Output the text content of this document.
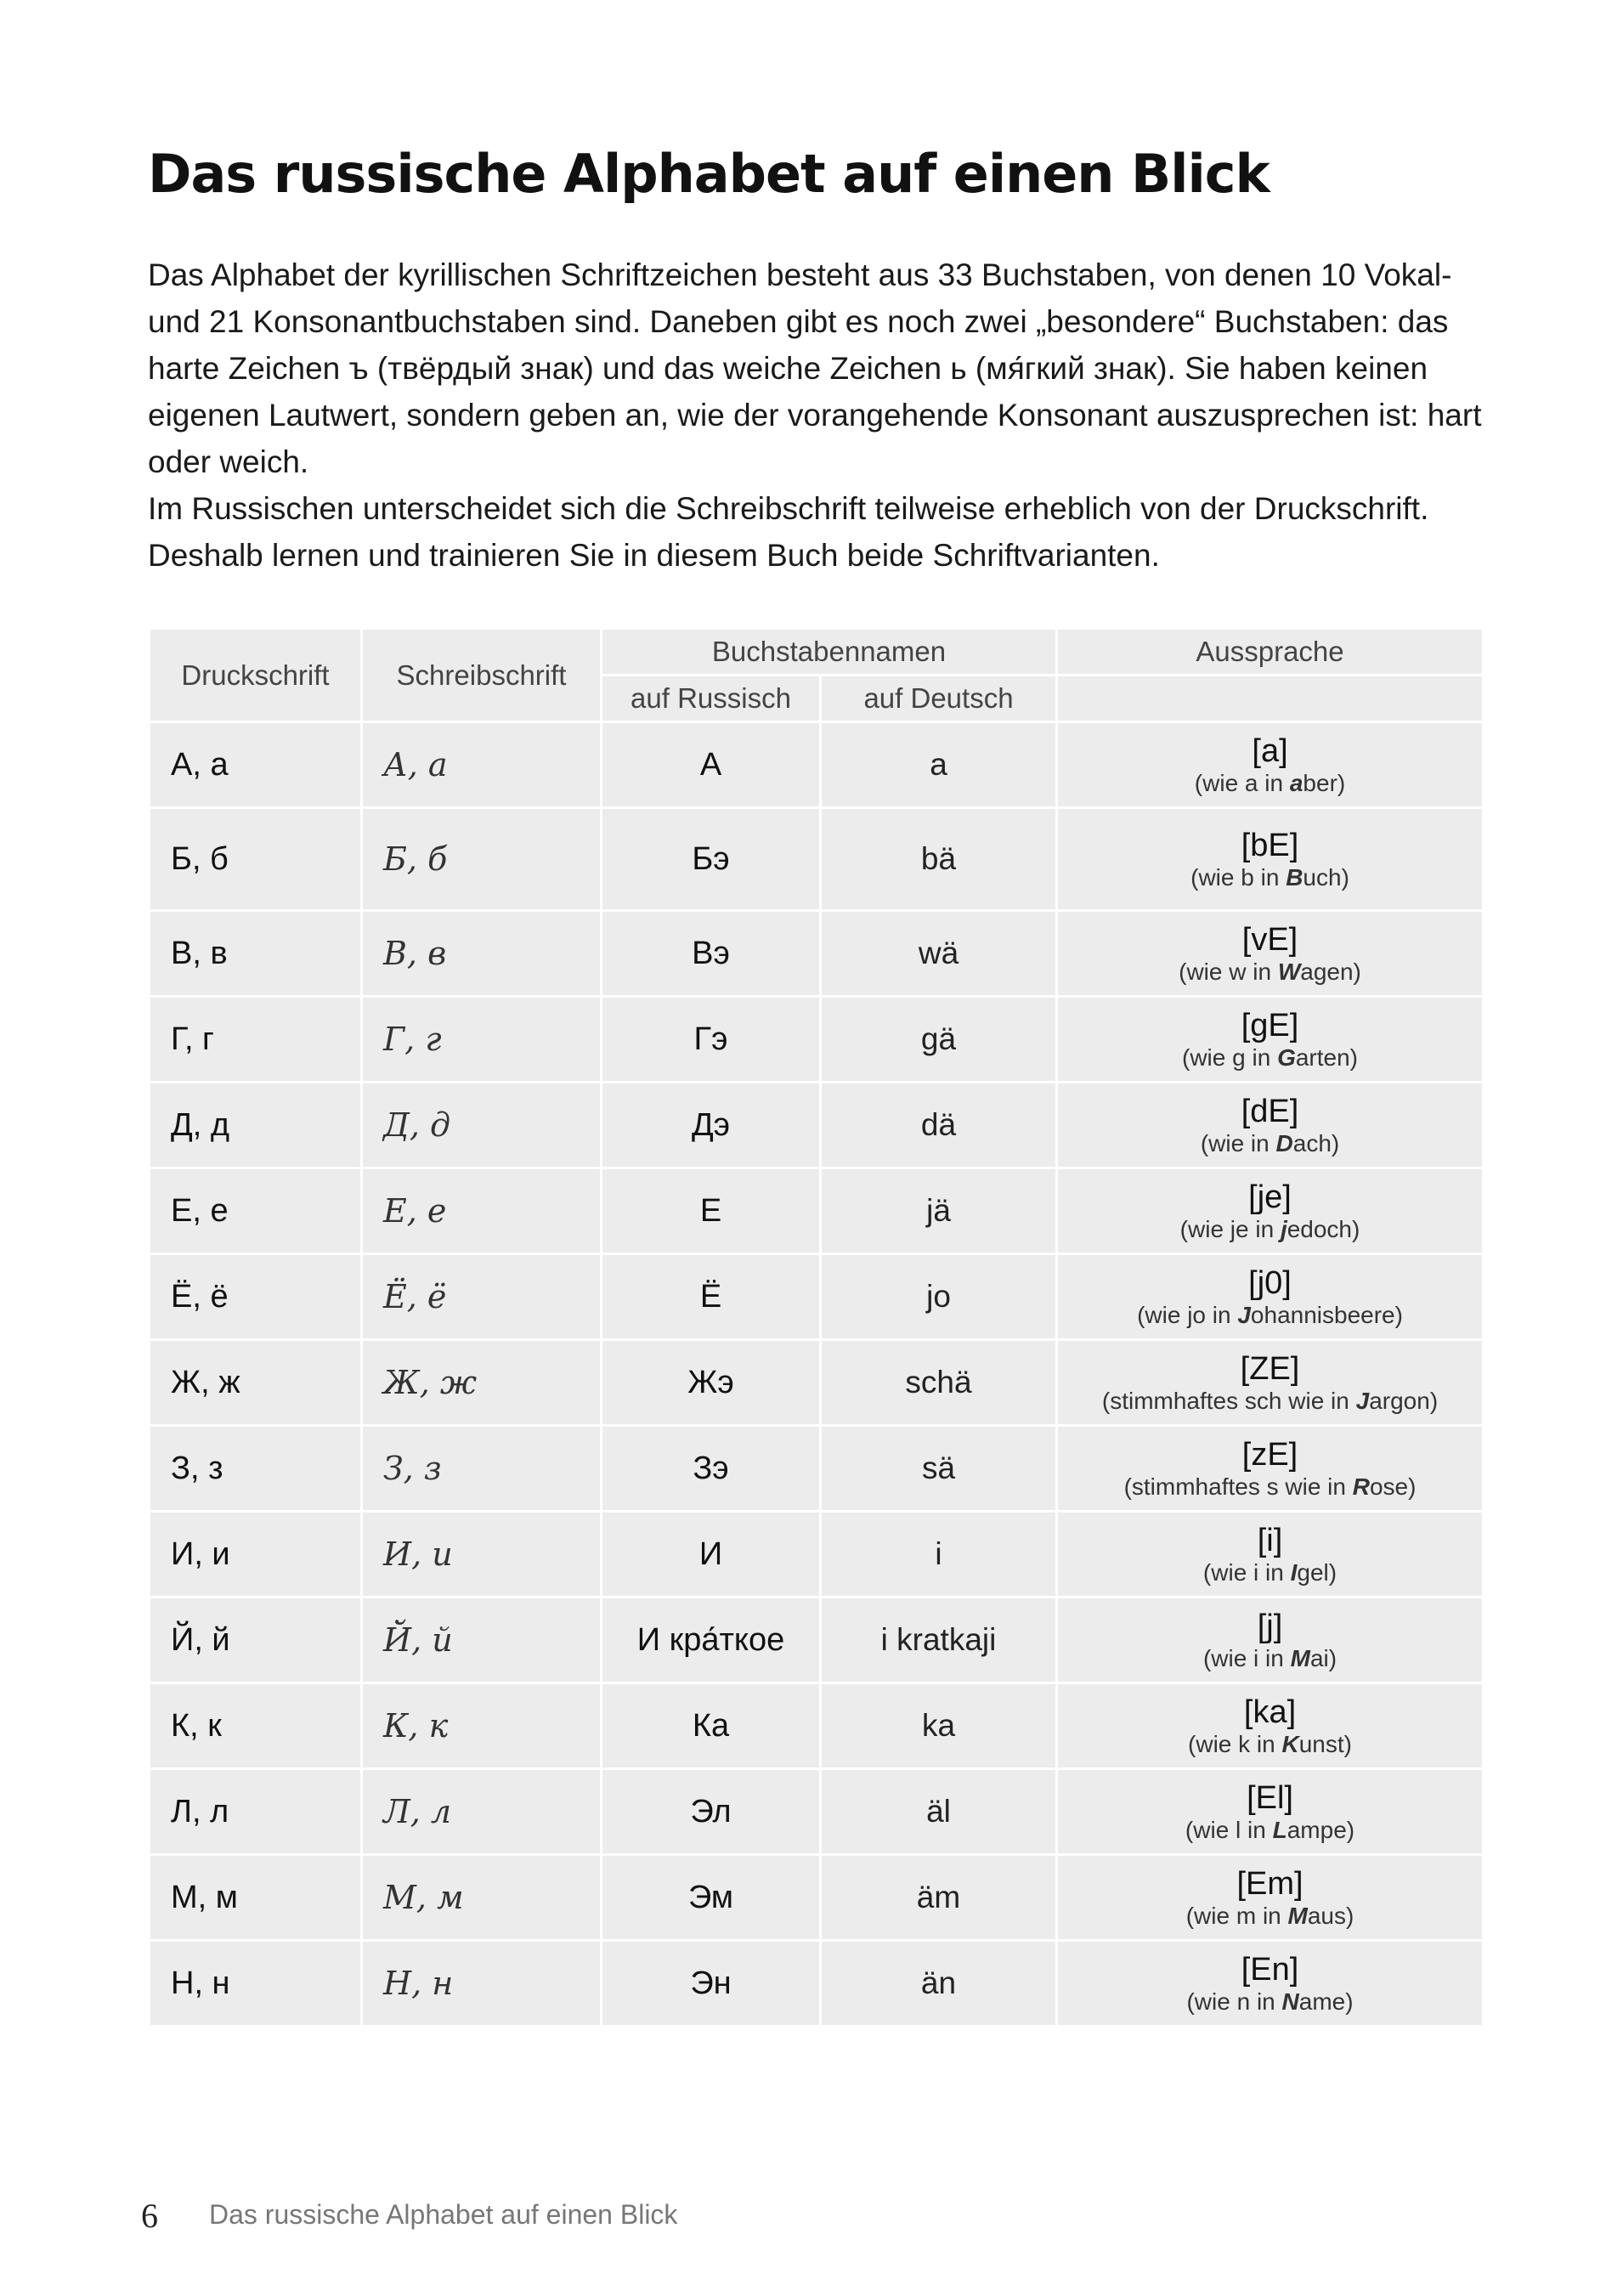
Das russische Alphabet auf einen Blick

Das Alphabet der kyrillischen Schriftzeichen besteht aus 33 Buchstaben, von denen 10 Vokal- und 21 Konsonantbuchstaben sind. Daneben gibt es noch zwei „besondere“ Buchstaben: das harte Zeichen ъ (твёрдый знак) und das weiche Zeichen ь (мя́гкий знак). Sie haben keinen eigenen Lautwert, sondern geben an, wie der vorangehende Konsonant auszusprechen ist: hart oder weich.

Im Russischen unterscheidet sich die Schreibschrift teilweise erheblich von der Druckschrift. Deshalb lernen und trainieren Sie in diesem Buch beide Schriftvarianten.

Druckschrift	Schreibschrift	Buchstabennamen		Aussprache
		auf Russisch	auf Deutsch	
А, а	А, а	А	a	[a]
(wie a in aber)

Б, б	Б, б	Бэ	bä	[bE]
(wie b in Buch)

В, в	В, в	Вэ	wä	[vE]
(wie w in Wagen)

Г, г	Г, г	Гэ	gä	[gE]
(wie g in Garten)

Д, д	Д, д	Дэ	dä	[dE]
(wie in Dach)

Е, е	Е, е	Е	jä	[je]
(wie je in jedoch)

Ё, ё	Ё, ё	Ё	jo	[j0]
(wie jo in Johannisbeere)

Ж, ж	Ж, ж	Жэ	schä	[ZE]
(stimmhaftes sch wie in Jargon)

З, з	З, з	Зэ	sä	[zE]
(stimmhaftes s wie in Rose)

И, и	И, и	И	i	[i]
(wie i in Igel)

Й, й	Й, й	И кра́ткое	i kratkaji	[j]
(wie i in Mai)

К, к	К, к	Ка	ka	[ka]
(wie k in Kunst)

Л, л	Л, л	Эл	äl	[El]
(wie l in Lampe)

М, м	М, м	Эм	äm	[Em]
(wie m in Maus)

Н, н	Н, н	Эн	än	[En]
(wie n in Name)
6 Das russische Alphabet auf einen Blick
